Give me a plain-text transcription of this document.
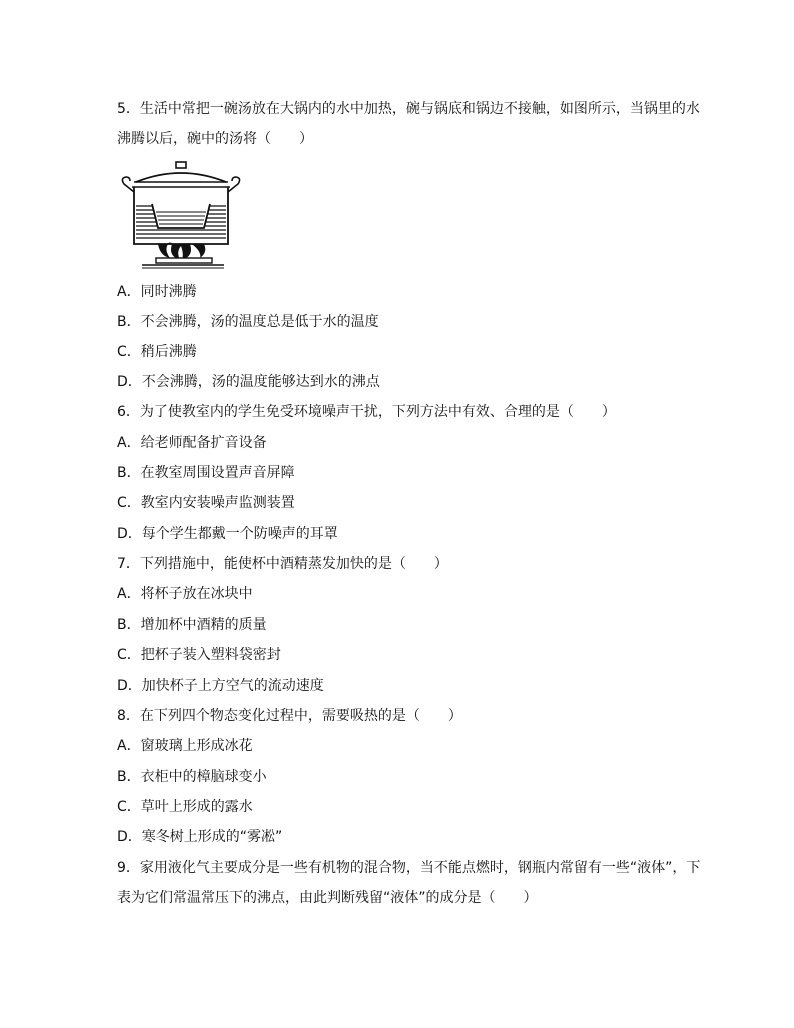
5．生活中常把一碗汤放在大锅内的水中加热，碗与锅底和锅边不接触，如图所示，当锅里的水
沸腾以后，碗中的汤将（　　）
A．同时沸腾
B．不会沸腾，汤的温度总是低于水的温度
C．稍后沸腾
D．不会沸腾，汤的温度能够达到水的沸点
6．为了使教室内的学生免受环境噪声干扰，下列方法中有效、合理的是（　　）
A．给老师配备扩音设备
B．在教室周围设置声音屏障
C．教室内安装噪声监测装置
D．每个学生都戴一个防噪声的耳罩
7．下列措施中，能使杯中酒精蒸发加快的是（　　）
A．将杯子放在冰块中
B．增加杯中酒精的质量
C．把杯子装入塑料袋密封
D．加快杯子上方空气的流动速度
8．在下列四个物态变化过程中，需要吸热的是（　　）
A．窗玻璃上形成冰花
B．衣柜中的樟脑球变小
C．草叶上形成的露水
D．寒冬树上形成的“雾凇”
9．家用液化气主要成分是一些有机物的混合物，当不能点燃时，钢瓶内常留有一些“液体”，下
表为它们常温常压下的沸点，由此判断残留“液体”的成分是（　　）
